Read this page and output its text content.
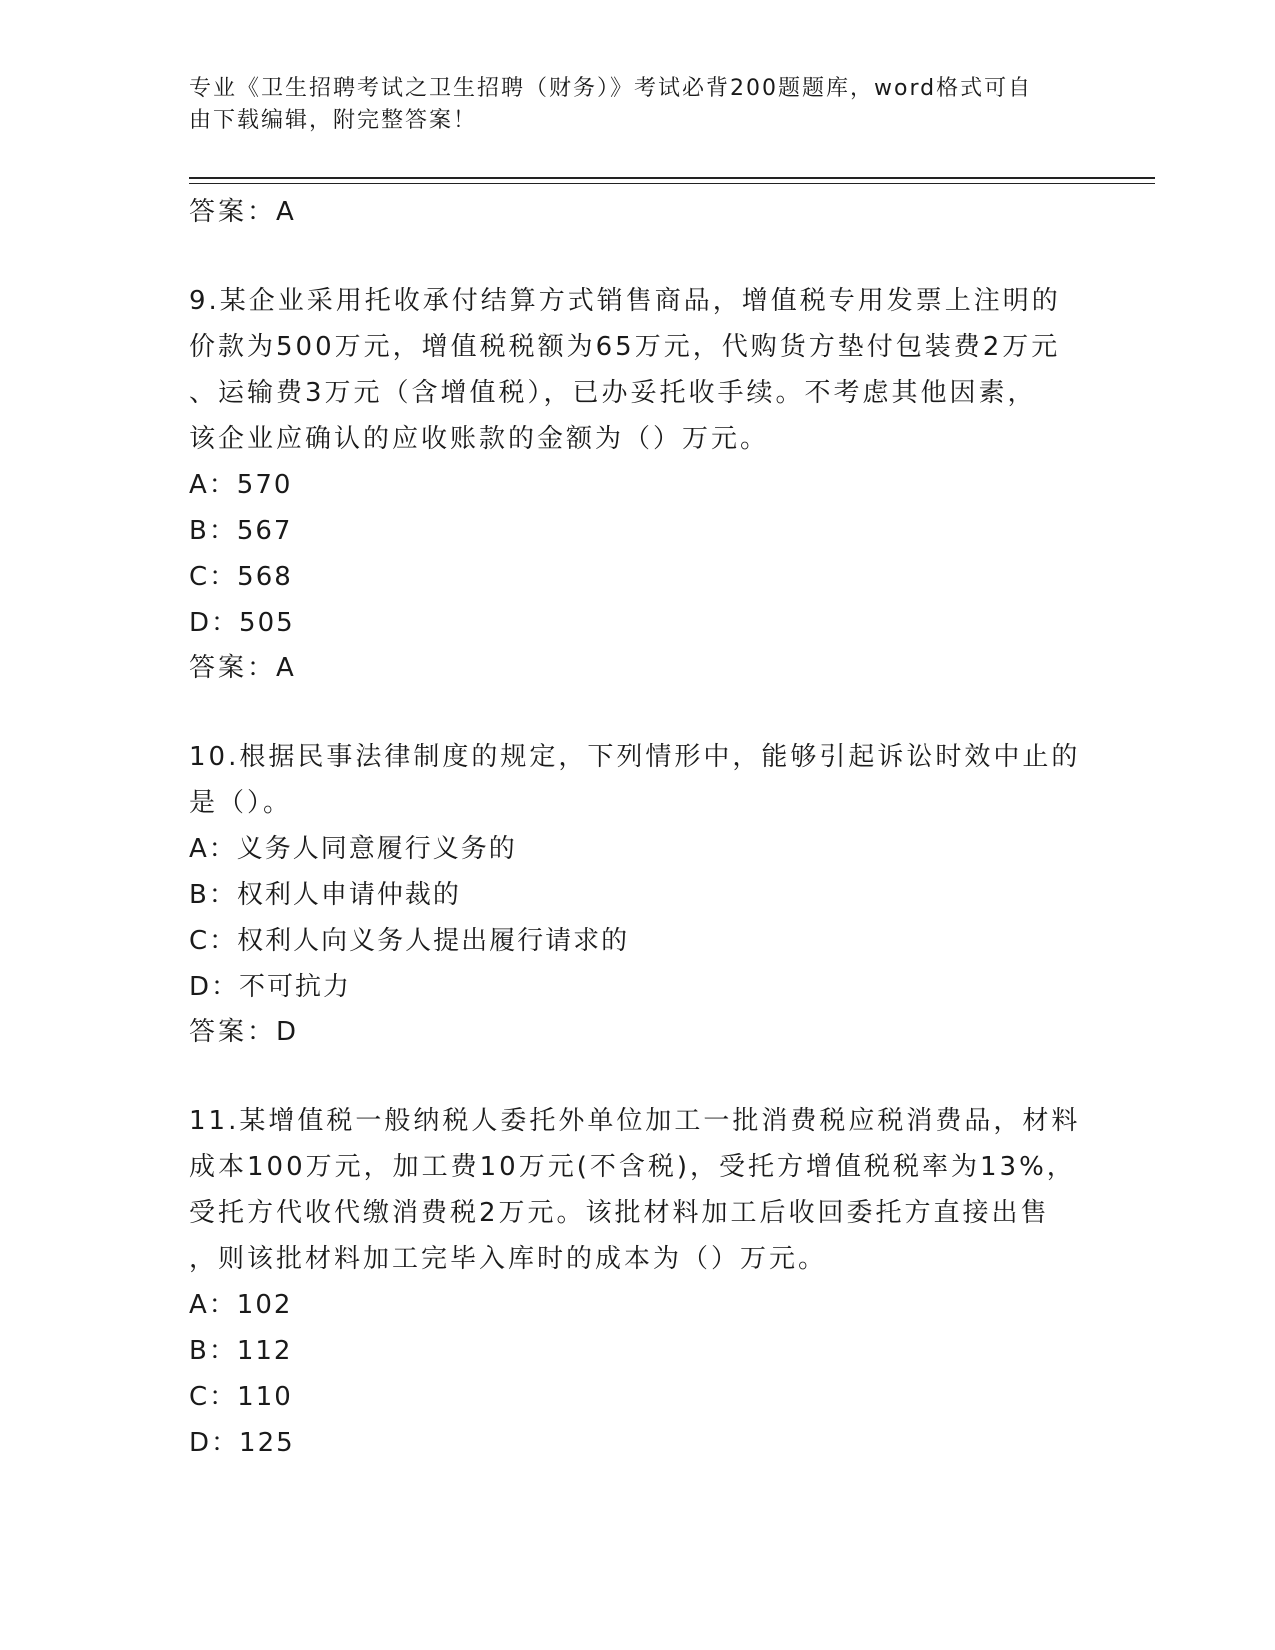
专业《卫生招聘考试之卫生招聘（财务）》考试必背200题题库，word格式可自
由下载编辑，附完整答案！
答案：A
9.某企业采用托收承付结算方式销售商品，增值税专用发票上注明的
价款为500万元，增值税税额为65万元，代购货方垫付包装费2万元
、运输费3万元（含增值税），已办妥托收手续。不考虑其他因素，
该企业应确认的应收账款的金额为（）万元。
A：570
B：567
C：568
D：505
答案：A
10.根据民事法律制度的规定，下列情形中，能够引起诉讼时效中止的
是（）。
A：义务人同意履行义务的
B：权利人申请仲裁的
C：权利人向义务人提出履行请求的
D：不可抗力
答案：D
11.某增值税一般纳税人委托外单位加工一批消费税应税消费品，材料
成本100万元，加工费10万元(不含税)，受托方增值税税率为13%，
受托方代收代缴消费税2万元。该批材料加工后收回委托方直接出售
，则该批材料加工完毕入库时的成本为（）万元。
A：102
B：112
C：110
D：125
